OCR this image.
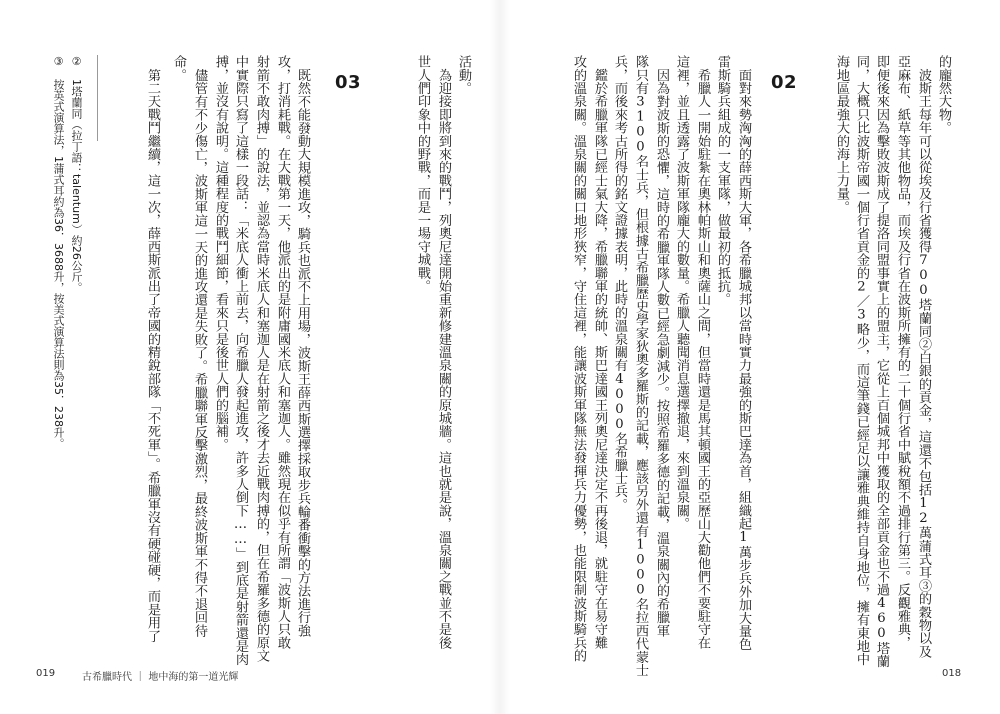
的龐然大物。
　波斯王每年可以從埃及行省獲得700塔蘭同②白銀的貢金，這還不包括12萬蒲式耳③的穀物以及
亞麻布、紙草等其他物品，而埃及行省在波斯所擁有的二十個行省中賦稅額不過排行第三。反觀雅典，
即便後來因為擊敗波斯成了提洛同盟事實上的盟主，它從上百個城邦中獲取的全部貢金也不過460塔蘭
同，大概只比波斯帝國一個行省貢金的2／3略少，而這筆錢已經足以讓雅典維持自身地位，擁有東地中
海地區最強大的海上力量。
02
　面對來勢洶洶的薛西斯大軍，各希臘城邦以當時實力最強的斯巴達為首，組織起1萬步兵外加大量色
雷斯騎兵組成的一支軍隊，做最初的抵抗。
　希臘人一開始駐紮在奧林帕斯山和奧薩山之間，但當時還是馬其頓國王的亞歷山大勸他們不要駐守在
這裡，並且透露了波斯軍隊龐大的數量。希臘人聽聞消息選擇撤退，來到溫泉關。
　因為對波斯的恐懼，這時的希臘軍隊人數已經急劇減少。按照希羅多德的記載，溫泉關內的希臘軍
隊只有3100名士兵，但根據古希臘歷史學家狄奧多羅斯的記載，應該另外還有1000名拉西代蒙士
兵，而後來考古所得的銘文證據表明，此時的溫泉關有4000名希臘士兵。
　鑑於希臘軍隊已經士氣大降，希臘聯軍的統帥、斯巴達國王列奧尼達決定不再後退，就駐守在易守難
攻的溫泉關。溫泉關的關口地形狹窄，守住這裡，能讓波斯軍隊無法發揮兵力優勢，也能限制波斯騎兵的
018
活動。
　為迎接即將到來的戰鬥，列奧尼達開始重新修建溫泉關的原城牆。這也就是說，溫泉關之戰並不是後
世人們印象中的野戰，而是一場守城戰。
03
　既然不能發動大規模進攻，騎兵也派不上用場，波斯王薛西斯選擇採取步兵輪番衝擊的方法進行強
攻，打消耗戰。在大戰第一天，他派出的是附庸國米底人和塞迦人。雖然現在似乎有所謂「波斯人只敢
射箭不敢肉搏」的說法，並認為當時米底人和塞迦人是在射箭之後才去近戰肉搏的，但在希羅多德的原文
中實際只寫了這樣一段話：「米底人衝上前去，向希臘人發起進攻，許多人倒下……」到底是射箭還是肉
搏，並沒有說明。這種程度的戰鬥細節，看來只是後世人們的腦補。
　儘管有不少傷亡，波斯軍這一天的進攻還是失敗了。希臘聯軍反擊激烈，最終波斯軍不得不退回待
命。
　第二天戰鬥繼續，這一次，薛西斯派出了帝國的精銳部隊「不死軍」。希臘軍沒有硬碰硬，而是用了
②　1塔蘭同（拉丁語：talentum）約26公斤。
③　按英式演算法，1蒲式耳約為36．3688升，按美式演算法則為35．238升。
019	古希臘時代 ｜ 地中海的第一道光輝
